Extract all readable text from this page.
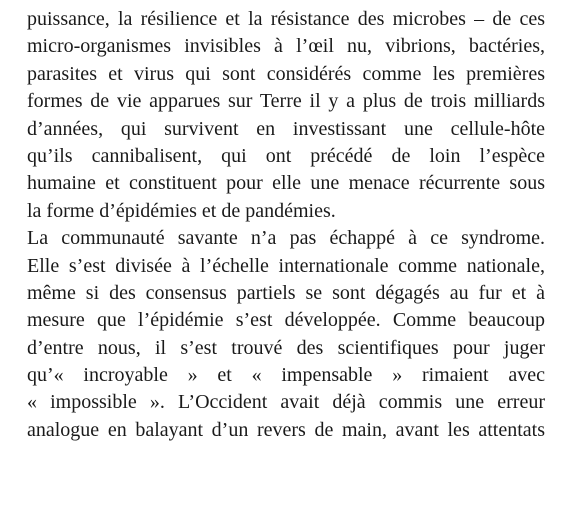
puissance, la résilience et la résistance des microbes – de ces
micro-organismes invisibles à l’œil nu, vibrions, bactéries,
parasites et virus qui sont considérés comme les premières
formes de vie apparues sur Terre il y a plus de trois milliards
d’années, qui survivent en investissant une cellule-hôte
qu’ils cannibalisent, qui ont précédé de loin l’espèce
humaine et constituent pour elle une menace récurrente sous
la forme d’épidémies et de pandémies.
La communauté savante n’a pas échappé à ce syndrome.
Elle s’est divisée à l’échelle internationale comme nationale,
même si des consensus partiels se sont dégagés au fur et à
mesure que l’épidémie s’est développée. Comme beaucoup
d’entre nous, il s’est trouvé des scientifiques pour juger
qu’« incroyable » et « impensable » rimaient avec
« impossible ». L’Occident avait déjà commis une erreur
analogue en balayant d’un revers de main, avant les attentats
